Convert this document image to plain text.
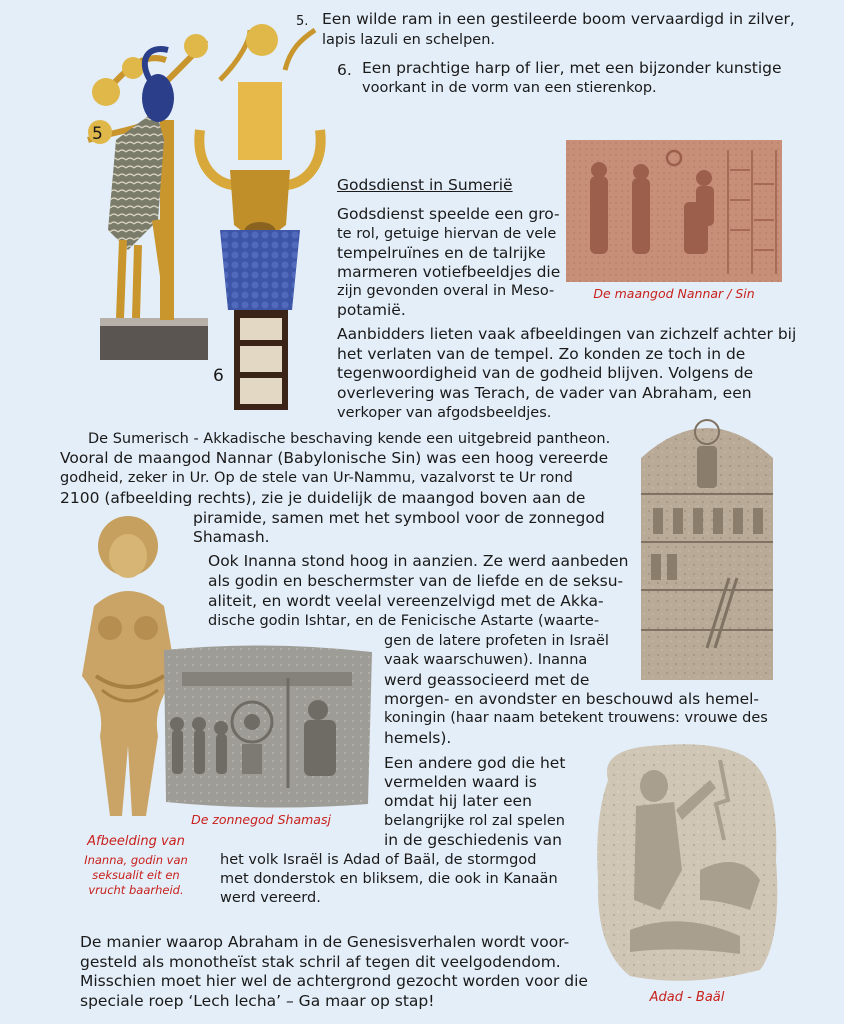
5. Een wilde ram in een gestileerde boom vervaardigd in zilver,

lapis lazuli en schelpen.

6. Een prachtige harp of lier, met een bijzonder kunstige

voorkant in de vorm van een stierenkop.

5
6

Godsdienst in Sumerië

Godsdienst speelde een gro-

te rol, getuige hiervan de vele

tempelruïnes en de talrijke

marmeren votiefbeeldjes die

zijn gevonden overal in Meso-

potamië.

De maangod Nannar / Sin

Aanbidders lieten vaak afbeeldingen van zichzelf achter bij

het verlaten van de tempel. Zo konden ze toch in de

tegenwoordigheid van de godheid blijven. Volgens de

overlevering was Terach, de vader van Abraham, een

verkoper van afgodsbeeldjes.

De Sumerisch - Akkadische beschaving kende een uitgebreid pantheon.

Vooral de maangod Nannar (Babylonische Sin) was een hoog vereerde

godheid, zeker in Ur. Op de stele van Ur-Nammu, vazalvorst te Ur rond

2100 (afbeelding rechts), zie je duidelijk de maangod boven aan de

piramide, samen met het symbool voor de zonnegod

Shamash.

De zonnegod Shamasj

Ook Inanna stond hoog in aanzien. Ze werd aanbeden

als godin en beschermster van de liefde en de seksu-

aliteit, en wordt veelal vereenzelvigd met de Akka-

dische godin Ishtar, en de Fenicische Astarte (waarte-

gen de latere profeten in Israël

vaak waarschuwen). Inanna

werd geassocieerd met de

morgen- en avondster en beschouwd als hemel-

koningin (haar naam betekent trouwens: vrouwe des

hemels).

Afbeelding van

Inanna, godin van

seksualit eit en

vrucht baarheid.

Een andere god die het

vermelden waard is

omdat hij later een

belangrijke rol zal spelen

in de geschiedenis van

het volk Israël is Adad of Baäl, de stormgod

met donderstok en bliksem, die ook in Kanaän

werd vereerd.

Adad - Baäl

De manier waarop Abraham in de Genesisverhalen wordt voor-

gesteld als monotheïst stak schril af tegen dit veelgodendom.

Misschien moet hier wel de achtergrond gezocht worden voor die

speciale roep ‘Lech lecha’ – Ga maar op stap!
